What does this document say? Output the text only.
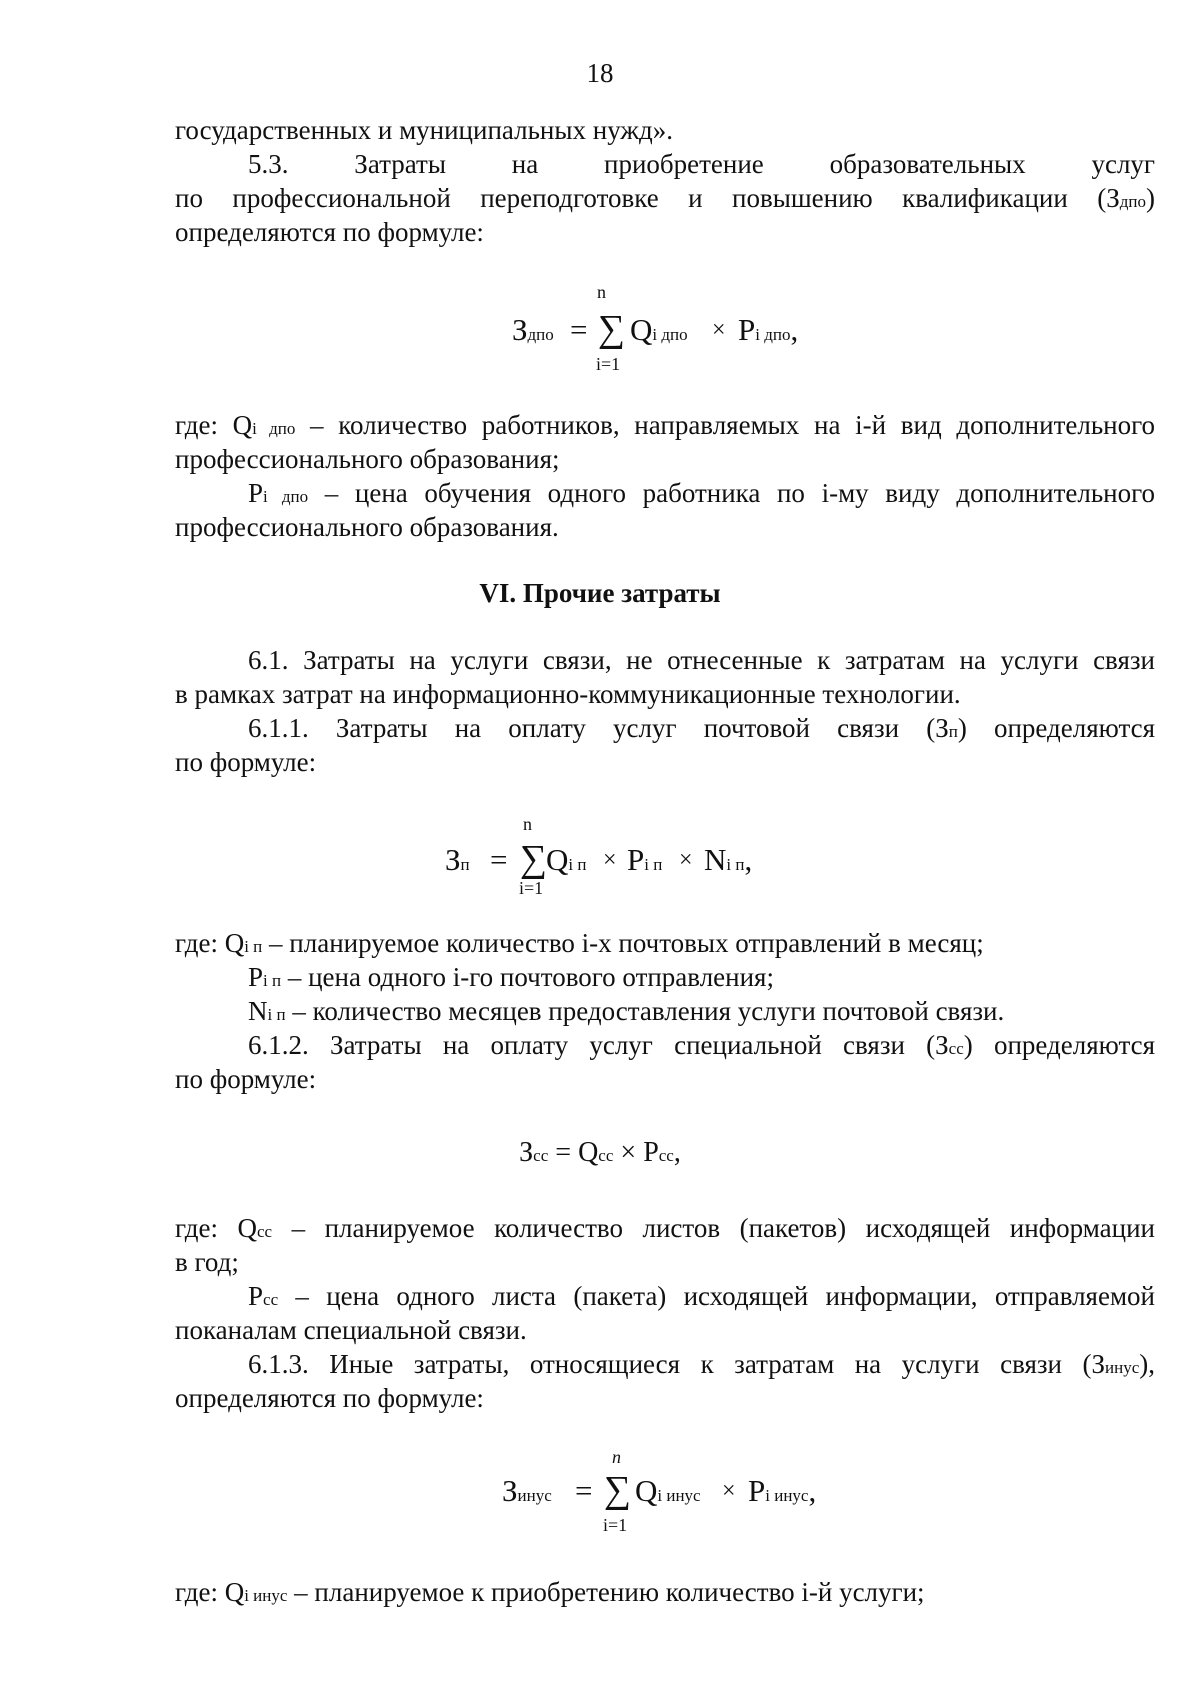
18
государственных и муниципальных нужд».
5.3. Затраты на приобретение образовательных услуг
по профессиональной переподготовке и повышению квалификации (Здпо)
определяются по формуле:
n
Здпо = ∑ Qi дпо × Pi дпо,
i=1
где: Qi дпо – количество работников, направляемых на i-й вид дополнительного
профессионального образования;
Pi дпо – цена обучения одного работника по i-му виду дополнительного
профессионального образования.
VI. Прочие затраты
6.1. Затраты на услуги связи, не отнесенные к затратам на услуги связи
в рамках затрат на информационно-коммуникационные технологии.
6.1.1. Затраты на оплату услуг почтовой связи (Зп) определяются
по формуле:
n
Зп = ∑
Qi п × Pi п × Ni п,
i=1
где: Qi п – планируемое количество i-х почтовых отправлений в месяц;
Pi п – цена одного i-го почтового отправления;
Ni п – количество месяцев предоставления услуги почтовой связи.
6.1.2. Затраты на оплату услуг специальной связи (Зсс) определяются
по формуле:
Зсс = Qсс × Pсс,
где: Qсс – планируемое количество листов (пакетов) исходящей информации
в год;
Pсс – цена одного листа (пакета) исходящей информации, отправляемой
поканалам специальной связи.
6.1.3. Иные затраты, относящиеся к затратам на услуги связи (Зинус),
определяются по формуле:
n
Зинус = ∑ Qi инус × Pi инус,
i=1
где: Qi инус – планируемое к приобретению количество i-й услуги;
